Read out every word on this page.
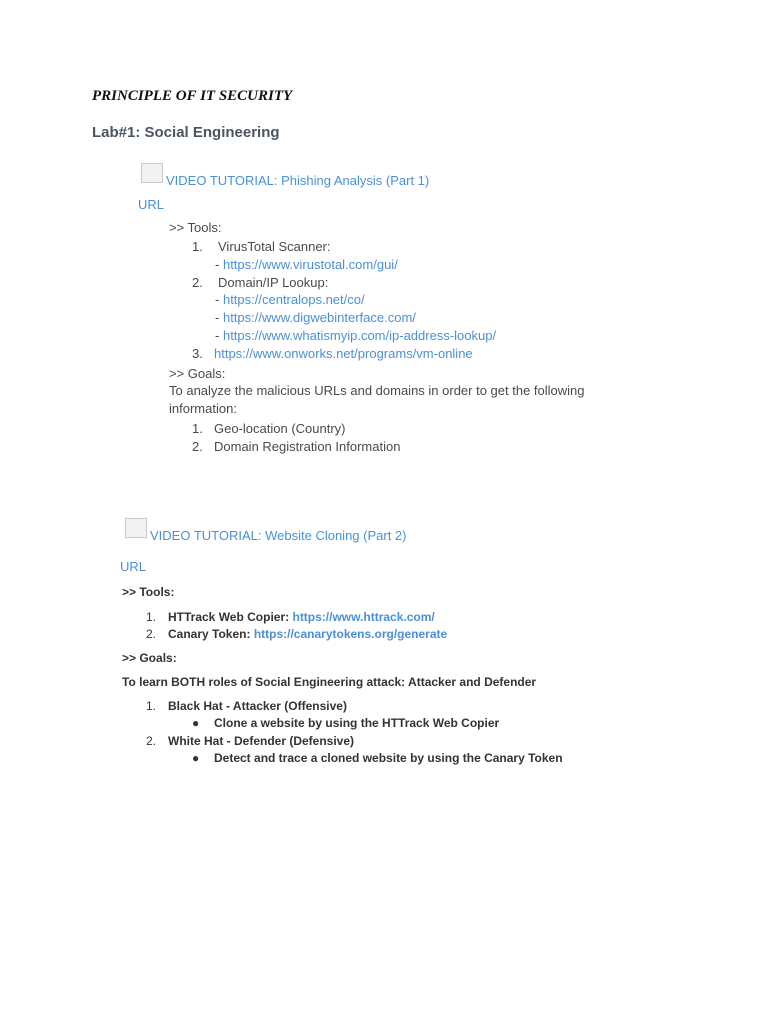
PRINCIPLE OF IT SECURITY
Lab#1: Social Engineering
VIDEO TUTORIAL: Phishing Analysis (Part 1)
URL
>> Tools:
1. VirusTotal Scanner:
- https://www.virustotal.com/gui/
2. Domain/IP Lookup:
- https://centralops.net/co/
- https://www.digwebinterface.com/
- https://www.whatismyip.com/ip-address-lookup/
3. https://www.onworks.net/programs/vm-online
>> Goals:
To analyze the malicious URLs and domains in order to get the following
information:
1. Geo-location (Country)
2. Domain Registration Information
VIDEO TUTORIAL: Website Cloning (Part 2)
URL
>> Tools:
1. HTTrack Web Copier: https://www.httrack.com/
2. Canary Token: https://canarytokens.org/generate
>> Goals:
To learn BOTH roles of Social Engineering attack: Attacker and Defender
1. Black Hat - Attacker (Offensive)
● Clone a website by using the HTTrack Web Copier
2. White Hat - Defender (Defensive)
● Detect and trace a cloned website by using the Canary Token
